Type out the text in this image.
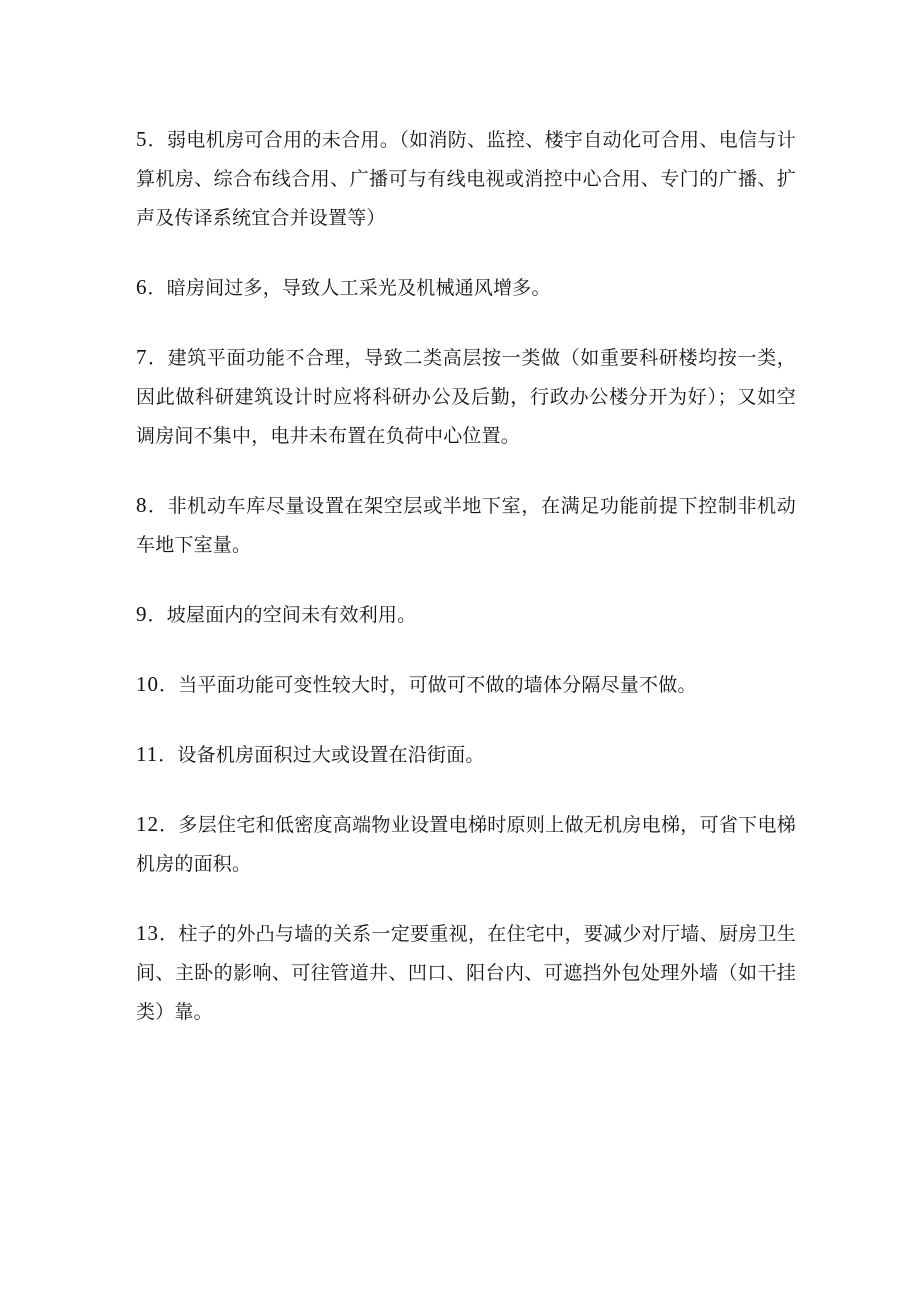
5．弱电机房可合用的未合用。（如消防、监控、楼宇自动化可合用、电信与计算机房、综合布线合用、广播可与有线电视或消控中心合用、专门的广播、扩声及传译系统宜合并设置等）

6．暗房间过多，导致人工采光及机械通风增多。

7．建筑平面功能不合理，导致二类高层按一类做（如重要科研楼均按一类，因此做科研建筑设计时应将科研办公及后勤，行政办公楼分开为好）；又如空调房间不集中，电井未布置在负荷中心位置。

8．非机动车库尽量设置在架空层或半地下室，在满足功能前提下控制非机动车地下室量。

9．坡屋面内的空间未有效利用。

10．当平面功能可变性较大时，可做可不做的墙体分隔尽量不做。

11．设备机房面积过大或设置在沿街面。

12．多层住宅和低密度高端物业设置电梯时原则上做无机房电梯，可省下电梯机房的面积。

13．柱子的外凸与墙的关系一定要重视，在住宅中，要减少对厅墙、厨房卫生间、主卧的影响、可往管道井、凹口、阳台内、可遮挡外包处理外墙（如干挂类）靠。
